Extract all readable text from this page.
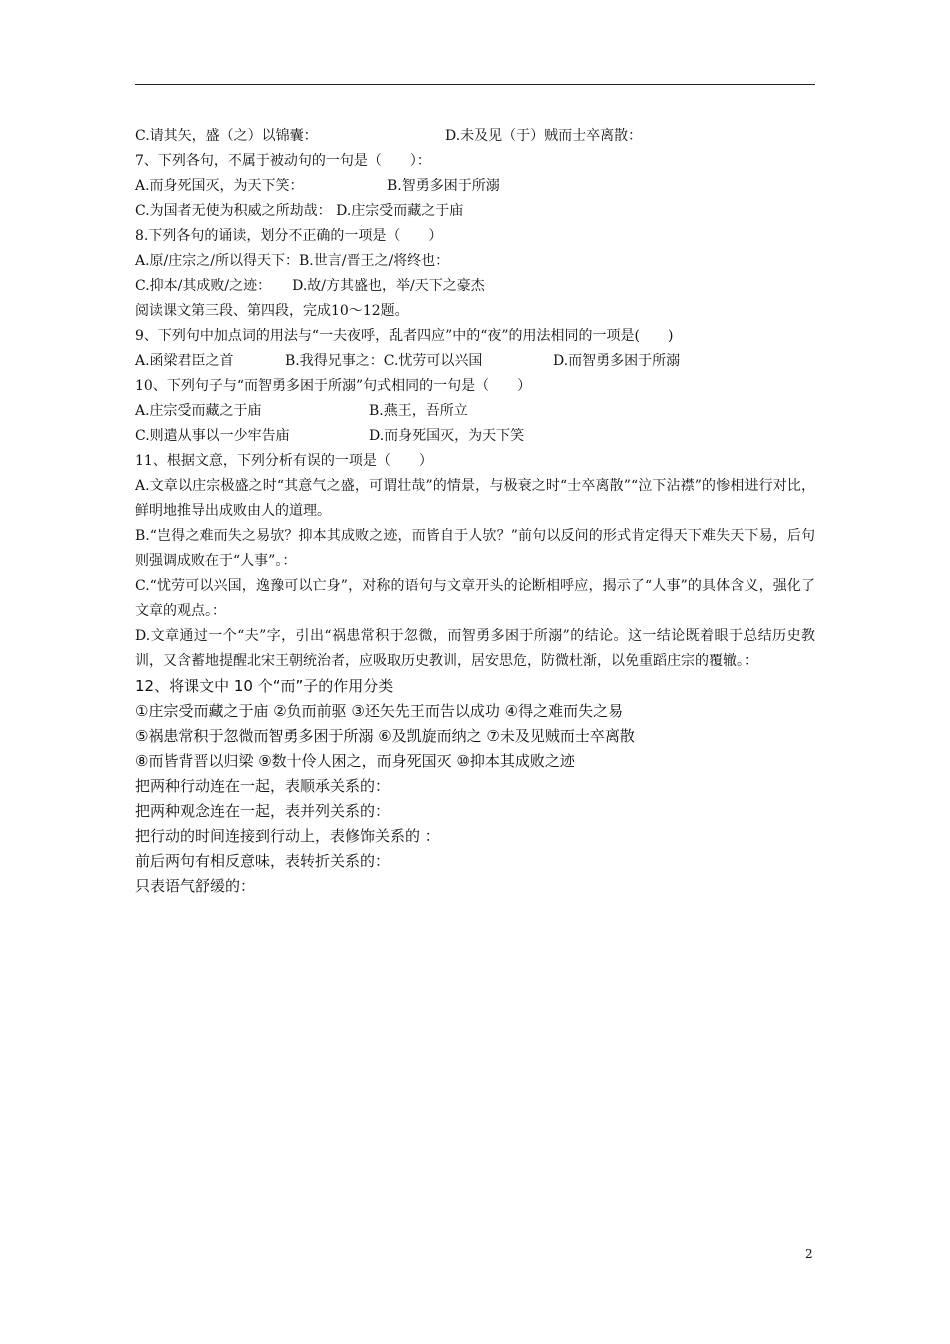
C.请其矢，盛（之）以锦囊：	D.未及见（于）贼而士卒离散：
7、下列各句，不属于被动句的一句是（　　）：
A.而身死国灭，为天下笑：	B.智勇多困于所溺
C.为国者无使为积威之所劫哉： D.庄宗受而藏之于庙
8.下列各句的诵读，划分不正确的一项是（　　）
A.原/庄宗之/所以得天下：B.世言/晋王之/将终也：
C.抑本/其成败/之迹：　　D.故/方其盛也，举/天下之豪杰
阅读课文第三段、第四段，完成10～12题。
9、下列句中加点词的用法与“一夫夜呼，乱者四应”中的“夜”的用法相同的一项是(　　)
A.函梁君臣之首	B.我得兄事之：C.忧劳可以兴国	D.而智勇多困于所溺
10、下列句子与“而智勇多困于所溺”句式相同的一句是（　　）
A.庄宗受而藏之于庙	B.燕王，吾所立
C.则遣从事以一少牢告庙	D.而身死国灭，为天下笑
11、根据文意，下列分析有误的一项是（　　）
A.文章以庄宗极盛之时“其意气之盛，可谓壮哉”的情景，与极衰之时“士卒离散”“泣下沾襟”的惨相进行对比，鲜明地推导出成败由人的道理。
B.“岂得之难而失之易欤？抑本其成败之迹，而皆自于人欤？”前句以反问的形式肯定得天下难失天下易，后句则强调成败在于“人事”。：
C.“忧劳可以兴国，逸豫可以亡身”，对称的语句与文章开头的论断相呼应，揭示了“人事”的具体含义，强化了文章的观点。：
D.文章通过一个“夫”字，引出“祸患常积于忽微，而智勇多困于所溺”的结论。这一结论既着眼于总结历史教训，又含蓄地提醒北宋王朝统治者，应吸取历史教训，居安思危，防微杜渐，以免重蹈庄宗的覆辙。：
12、将课文中 10 个“而”子的作用分类
①庄宗受而藏之于庙 ②负而前驱 ③还矢先王而告以成功 ④得之难而失之易
⑤祸患常积于忽微而智勇多困于所溺 ⑥及凯旋而纳之 ⑦未及见贼而士卒离散
⑧而皆背晋以归梁 ⑨数十伶人困之，而身死国灭 ⑩抑本其成败之迹
把两种行动连在一起，表顺承关系的：
把两种观念连在一起，表并列关系的：
把行动的时间连接到行动上，表修饰关系的 ：
前后两句有相反意味，表转折关系的：
只表语气舒缓的：
2
